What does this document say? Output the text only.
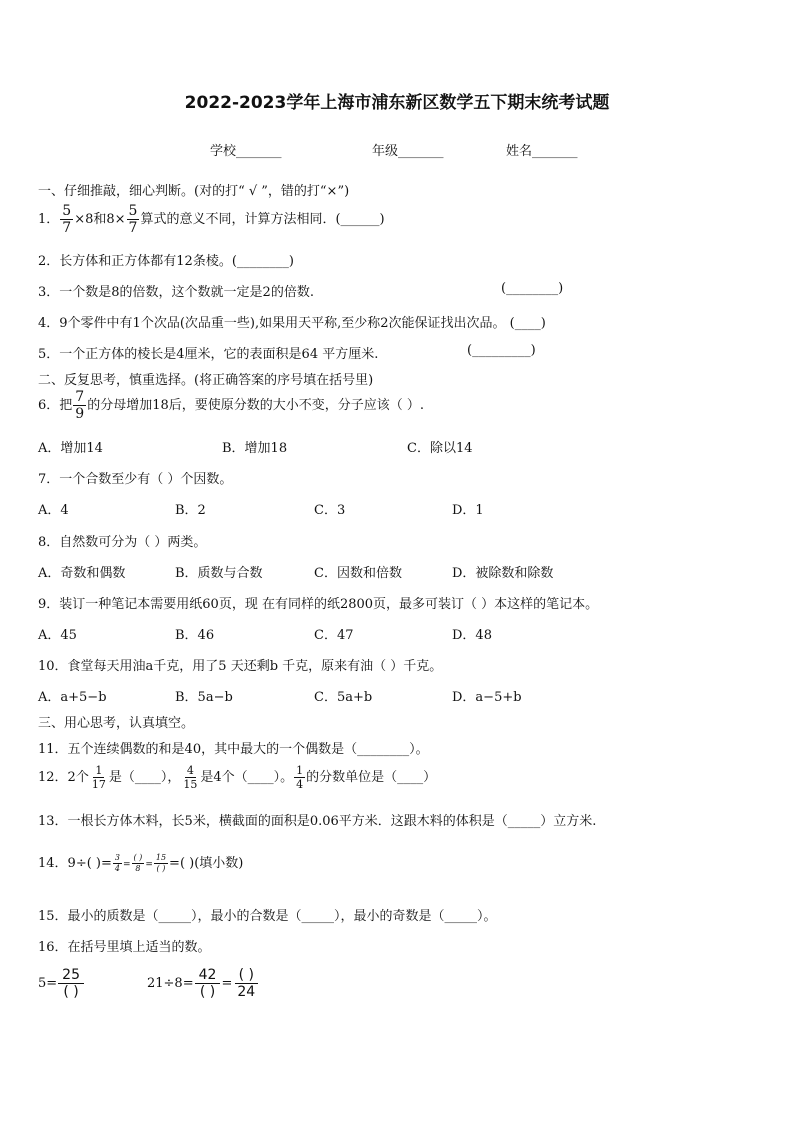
2022-2023学年上海市浦东新区数学五下期末统考试题
学校_______	年级_______	姓名_______
一、仔细推敲，细心判断。(对的打“ √ ”，错的打“×”)
1． $\frac{5}{7} \times 8$和$8\times \frac{5}{7}$ 算式的意义不同，计算方法相同．(______)
2．长方体和正方体都有12条棱。(________)
3．一个数是8的倍数，这个数就一定是2的倍数.	(________)
4．9个零件中有1个次品(次品重一些),如果用天平称,至少称2次能保证找出次品。 (____)
5．一个正方体的棱长是4厘米，它的表面积是64 平方厘米.	(_________)
二、反复思考，慎重选择。(将正确答案的序号填在括号里)
6．把 $\frac{7}{9}$ 的分母增加18后，要使原分数的大小不变，分子应该（ ）.
A．增加14	B．增加18	C．除以14
7．一个合数至少有（ ）个因数。
A．4	B．2	C．3	D．1
8．自然数可分为（ ）两类。
A．奇数和偶数	B．质数与合数	C．因数和倍数	D．被除数和除数
9．装订一种笔记本需要用纸60页，现 在有同样的纸2800页，最多可装订（ ）本这样的笔记本。
A．45	B．46	C．47	D．48
10．食堂每天用油a千克，用了5 天还剩b 千克，原来有油（ ）千克。
A．a+5−b	B．5a−b	C．5a+b	D．a−5+b
三、用心思考，认真填空。
11．五个连续偶数的和是40，其中最大的一个偶数是（________）。
12．2个 $\frac{1}{17}$ 是（____）， $\frac{4}{15}$ 是4个（____）。 $\frac{1}{4}$ 的分数单位是（____）
13．一根长方体木料，长5米，横截面的面积是0.06平方米．这跟木料的体积是（_____）立方米.
14．9÷( )= $\frac{3}{4} = \frac{( )}{8} = \frac{15}{( )}$ =( )(填小数)
15．最小的质数是（_____），最小的合数是（_____），最小的奇数是（_____）。
16．在括号里填上适当的数。
$5= \frac{25}{( )}$	$21\div 8= \frac{42}{( )} = \frac{( )}{24}$
